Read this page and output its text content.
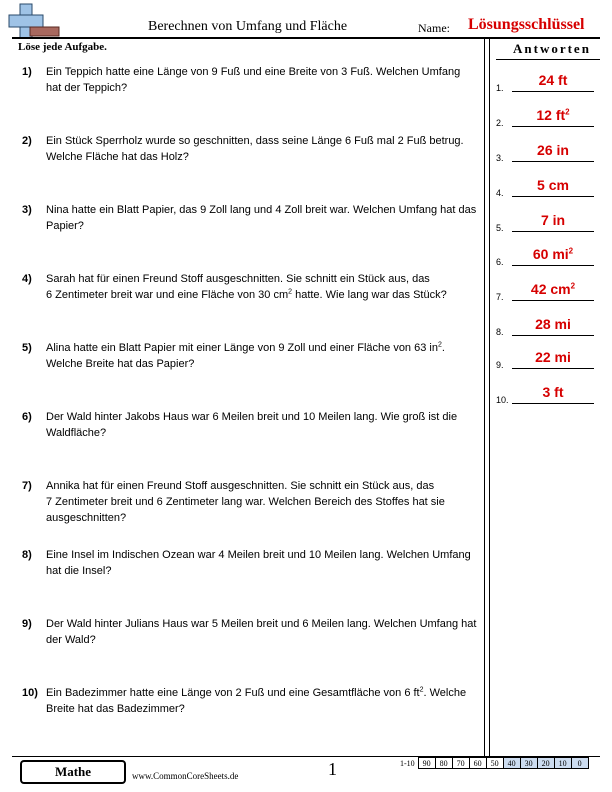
Berechnen von Umfang und Fläche	Name: Lösungsschlüssel
Löse jede Aufgabe.	Antworten
1) Ein Teppich hatte eine Länge von 9 Fuß und eine Breite von 3 Fuß. Welchen Umfang hat der Teppich?
2) Ein Stück Sperrholz wurde so geschnitten, dass seine Länge 6 Fuß mal 2 Fuß betrug. Welche Fläche hat das Holz?
3) Nina hatte ein Blatt Papier, das 9 Zoll lang und 4 Zoll breit war. Welchen Umfang hat das Papier?
4) Sarah hat für einen Freund Stoff ausgeschnitten. Sie schnitt ein Stück aus, das
6 Zentimeter breit war und eine Fläche von 30 $cm^2$ hatte. Wie lang war das Stück?
5) Alina hatte ein Blatt Papier mit einer Länge von 9 Zoll und einer Fläche von 63 $in^2$.
Welche Breite hat das Papier?
6) Der Wald hinter Jakobs Haus war 6 Meilen breit und 10 Meilen lang. Wie groß ist die Waldfläche?
7) Annika hat für einen Freund Stoff ausgeschnitten. Sie schnitt ein Stück aus, das
7 Zentimeter breit und 6 Zentimeter lang war. Welchen Bereich des Stoffes hat sie ausgeschnitten?
8) Eine Insel im Indischen Ozean war 4 Meilen breit und 10 Meilen lang. Welchen Umfang hat die Insel?
9) Der Wald hinter Julians Haus war 5 Meilen breit und 6 Meilen lang. Welchen Umfang hat der Wald?
10) Ein Badezimmer hatte eine Länge von 2 Fuß und eine Gesamtfläche von 6 $ft^2$. Welche Breite hat das Badezimmer?
1.	24 ft
2.	12 $ft^2$
3.	26 in
4.	5 cm
5.	7 in
6.	60 $mi^2$
7.	42 $cm^2$
8.	28 mi
9.	22 mi
10.	3 ft
Mathe	www.CommonCoreSheets.de	1	1-10	90	80	70	60	50	40	30	20	10	0
